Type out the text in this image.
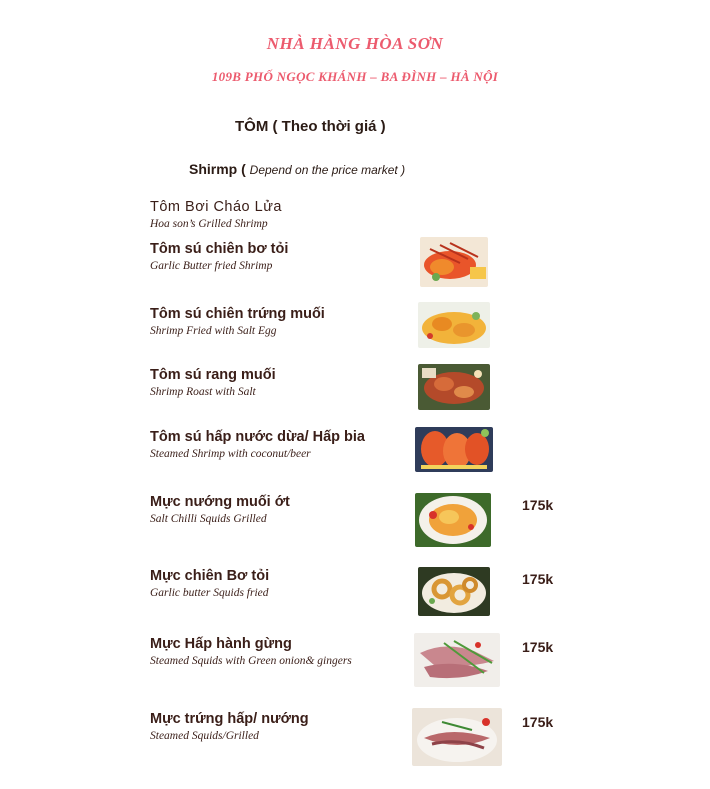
NHÀ HÀNG HÒA SƠN
109B PHỐ NGỌC KHÁNH – BA ĐÌNH – HÀ NỘI
TÔM ( Theo thời giá )
Shirmp ( Depend on the price market )
Tôm Bơi Cháo Lửa
Hoa son’s Grilled Shrimp
Tôm sú chiên bơ tỏi
Garlic Butter fried Shrimp
Tôm sú chiên trứng muối
Shrimp Fried with Salt Egg
Tôm sú rang muối
Shrimp Roast with Salt
Tôm sú hấp nước dừa/ Hấp bia
Steamed Shrimp with coconut/beer
Mực nướng muối ớt
Salt Chilli Squids Grilled
175k
Mực chiên Bơ tỏi
Garlic butter Squids fried
175k
Mực Hấp hành gừng
Steamed Squids with Green onion& gingers
175k
Mực trứng hấp/ nướng
Steamed Squids/Grilled
175k
